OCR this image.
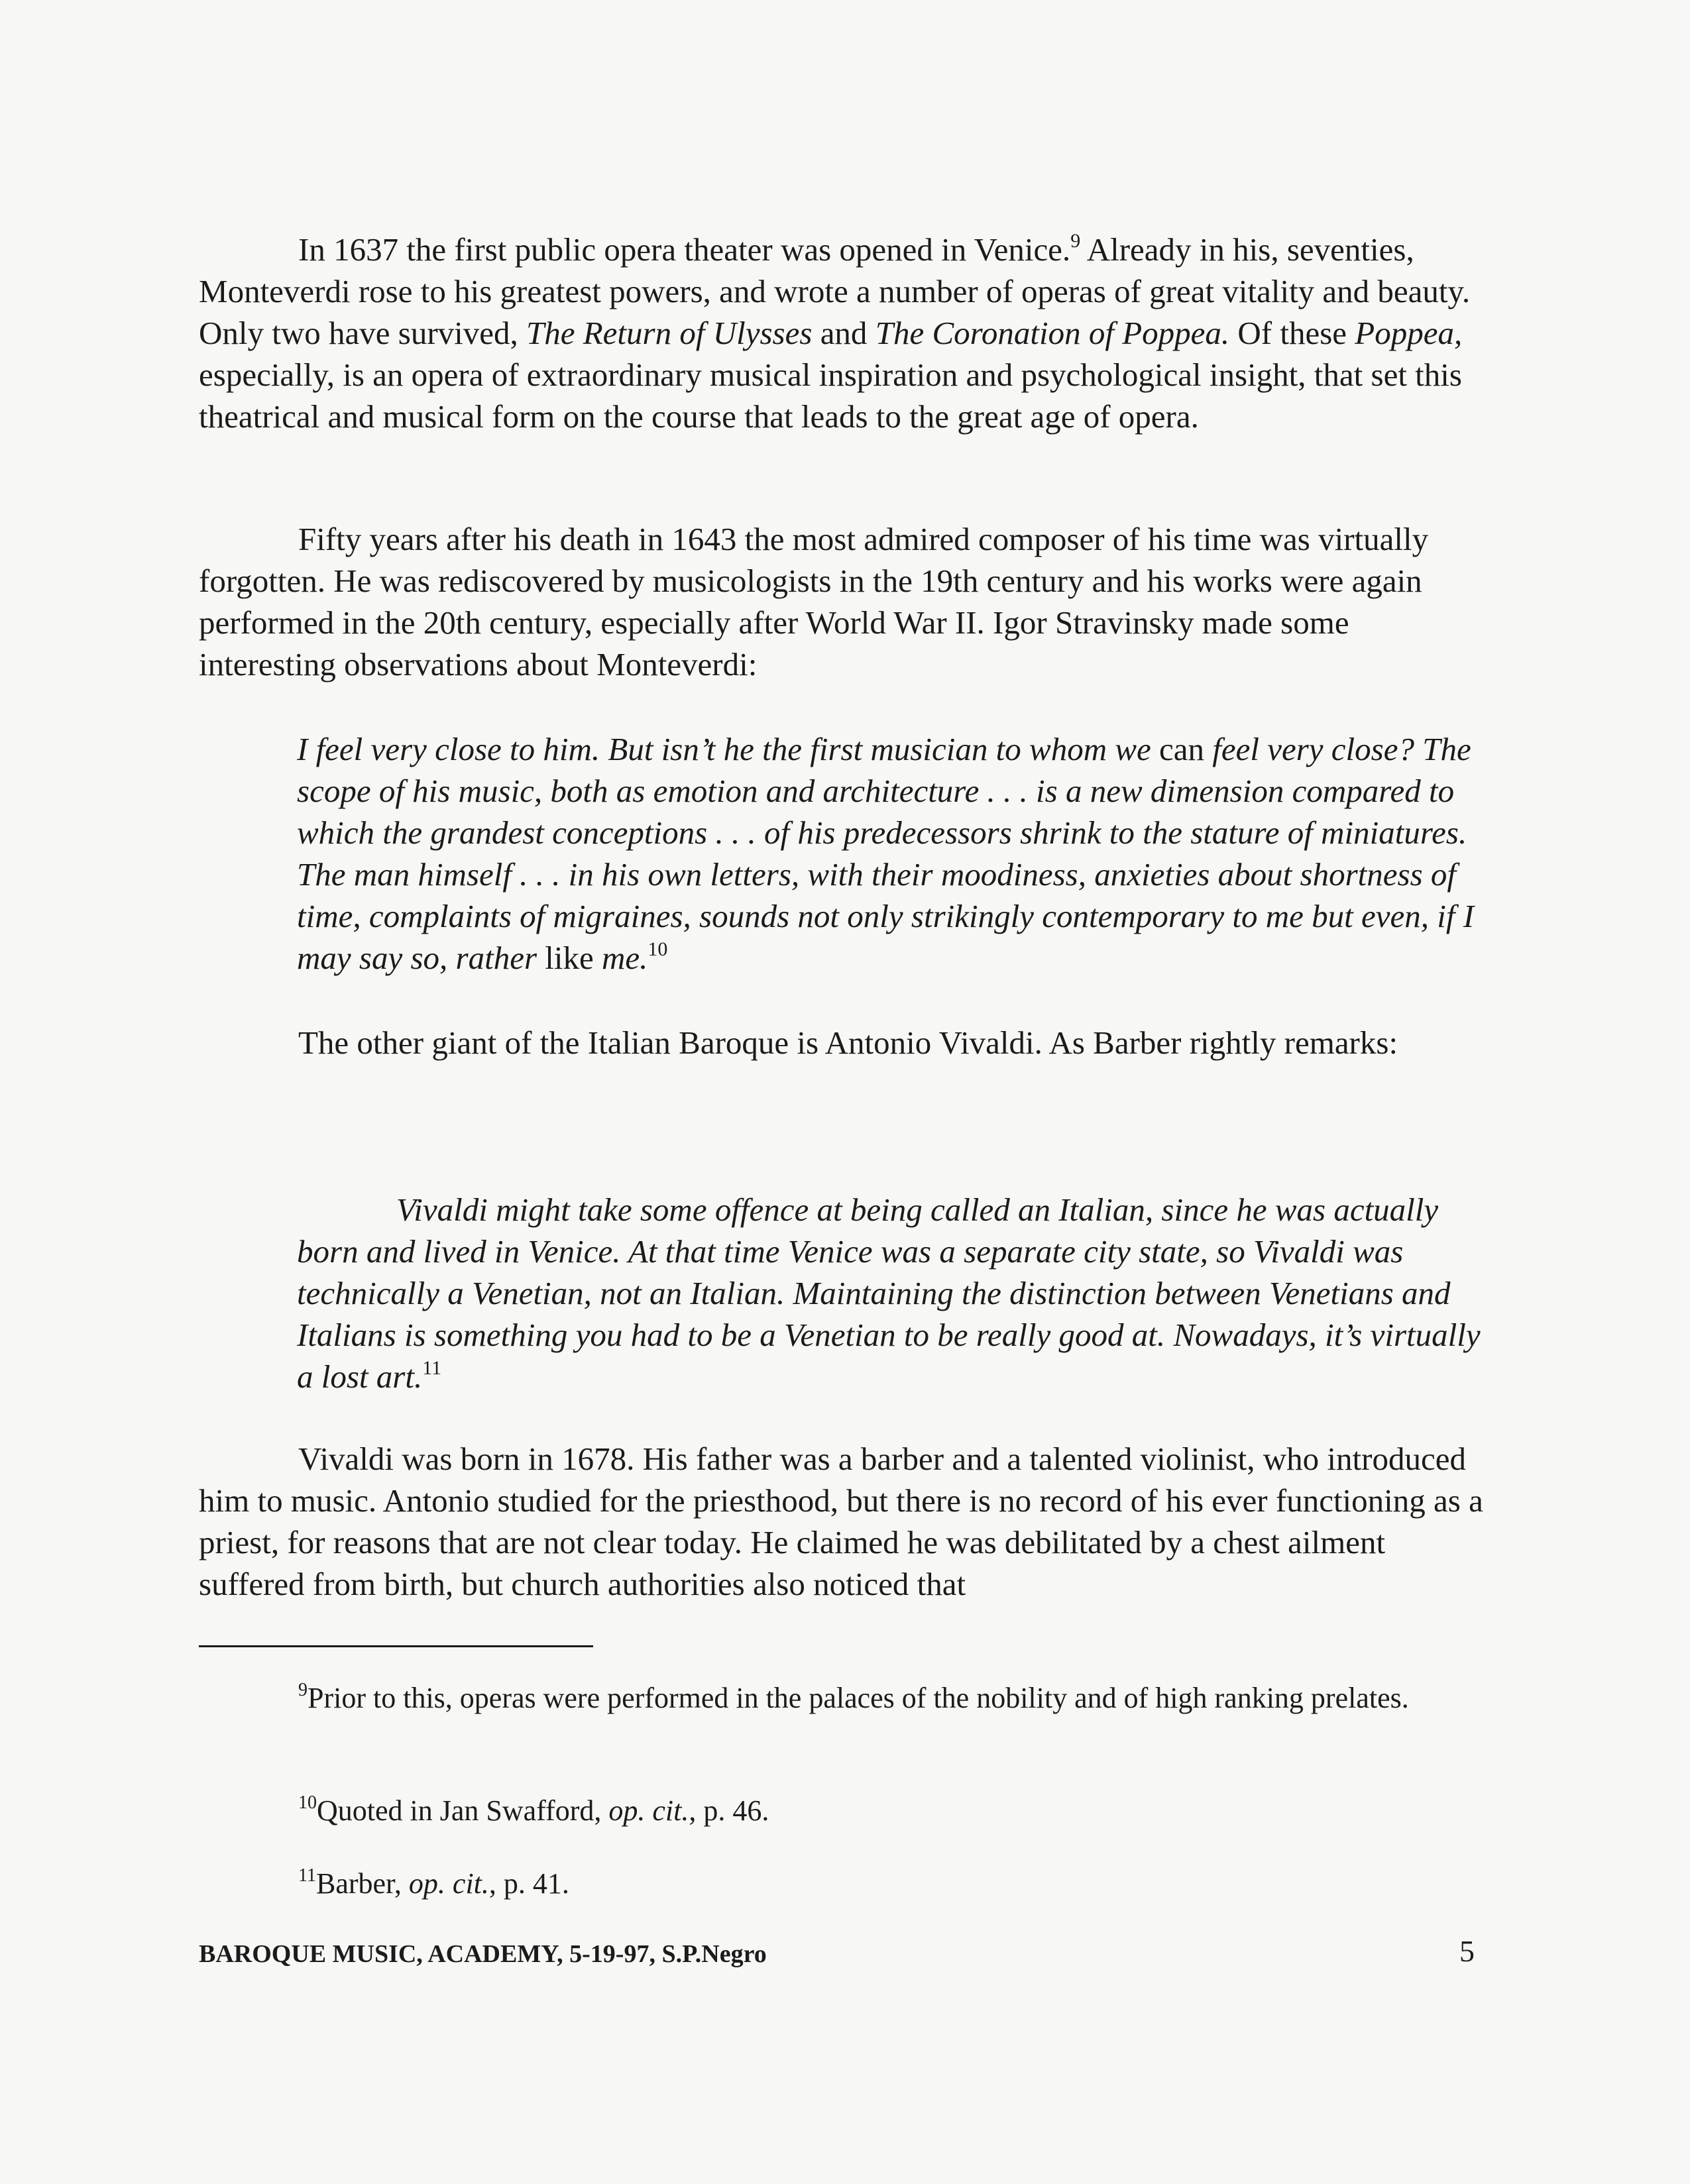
In 1637 the first public opera theater was opened in Venice.$^9$ Already in his, seventies, Monteverdi rose to his greatest powers, and wrote a number of operas of great vitality and beauty. Only two have survived, The Return of Ulysses and The Coronation of Poppea. Of these Poppea, especially, is an opera of extraordinary musical inspiration and psychological insight, that set this theatrical and musical form on the course that leads to the great age of opera.

Fifty years after his death in 1643 the most admired composer of his time was virtually forgotten. He was rediscovered by musicologists in the 19th century and his works were again performed in the 20th century, especially after World War II. Igor Stravinsky made some interesting observations about Monteverdi:

I feel very close to him. But isn’t he the first musician to whom we can feel very close? The scope of his music, both as emotion and architecture . . . is a new dimension compared to which the grandest conceptions . . . of his predecessors shrink to the stature of miniatures. The man himself . . . in his own letters, with their moodiness, anxieties about shortness of time, complaints of migraines, sounds not only strikingly contemporary to me but even, if I may say so, rather like me.$^{10}$

The other giant of the Italian Baroque is Antonio Vivaldi. As Barber rightly remarks:

Vivaldi might take some offence at being called an Italian, since he was actually born and lived in Venice. At that time Venice was a separate city state, so Vivaldi was technically a Venetian, not an Italian. Maintaining the distinction between Venetians and Italians is something you had to be a Venetian to be really good at. Nowadays, it’s virtually a lost art.$^{11}$

Vivaldi was born in 1678. His father was a barber and a talented violinist, who introduced him to music. Antonio studied for the priesthood, but there is no record of his ever functioning as a priest, for reasons that are not clear today. He claimed he was debilitated by a chest ailment suffered from birth, but church authorities also noticed that

$^9$Prior to this, operas were performed in the palaces of the nobility and of high ranking prelates.

$^{10}$Quoted in Jan Swafford, op. cit., p. 46.

$^{11}$Barber, op. cit., p. 41.

BAROQUE MUSIC, ACADEMY, 5-19-97, S.P.Negro	5
